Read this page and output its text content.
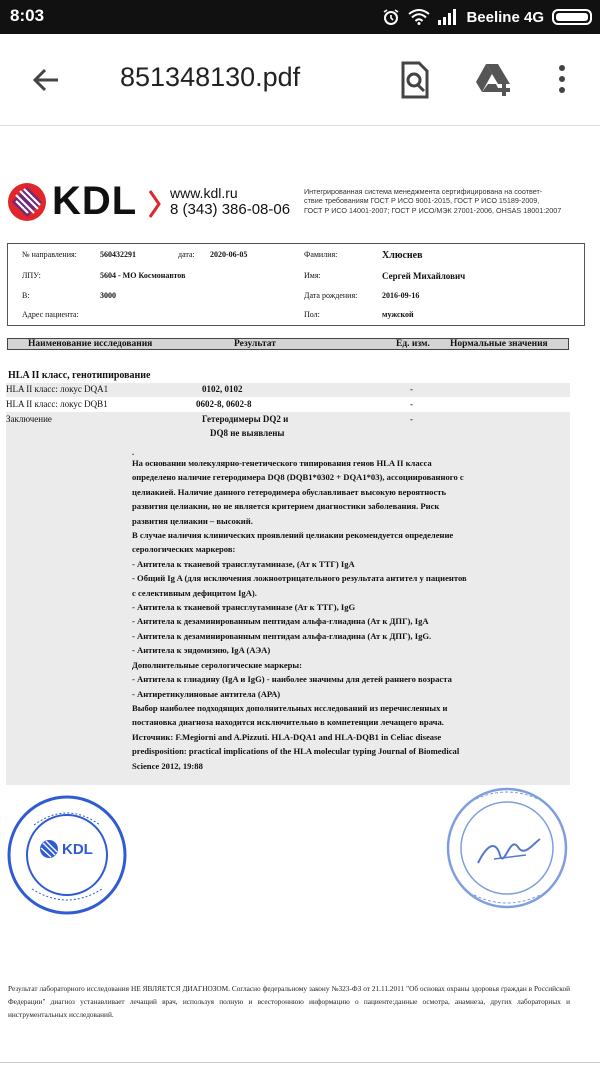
8:03	Beeline 4G
851348130.pdf
KDL www.kdl.ru
8 (343) 386-08-06
Интегрированная система менеджмента сертифицирована на соответ-
ствие требованиям ГОСТ Р ИСО 9001-2015, ГОСТ Р ИСО 15189-2009,
ГОСТ Р ИСО 14001-2007; ГОСТ Р ИСО/МЭК 27001-2006, OHSAS 18001:2007
№ направления:	560432291	дата: 2020-06-05
ЛПУ:	5604 - МО Космонавтов
В:	3000
Адрес пациента:
Фамилия:	Хлюснев
Имя:	Сергей Михайлович
Дата рождения:	2016-09-16
Пол:	мужской
Наименование исследования	Результат	Ед. изм. Нормальные значения
HLA II класс, генотипирование
HLA II класс: локус DQA1	0102, 0102	-
HLA II класс: локус DQB1	0602-8, 0602-8	-
Заключение	Гетеродимеры DQ2 и
DQ8 не выявлены
-
.
На основании молекулярно-генетического типирования генов HLA II класса
определено наличие гетеродимера DQ8 (DQB1*0302 + DQA1*03), ассоциированного с
целиакией. Наличие данного гетеродимера обуславливает высокую вероятность
развития целиакии, но не является критерием диагностики заболевания. Риск
развития целиакии – высокий.
В случае наличия клинических проявлений целиакии рекомендуется определение
серологических маркеров:
- Антитела к тканевой трансглутаминазе, (Ат к ТТГ) IgA
- Общий Ig A (для исключения ложноотрицательного результата антител у пациентов
с селективным дефицитом IgA).
- Антитела к тканевой трансглутаминазе (Ат к ТТГ), IgG
- Антитела к дезаминированным пептидам альфа-глиадина (Ат к ДПГ), IgA
- Антитела к дезаминированным пептидам альфа-глиадина (Ат к ДПГ), IgG.
- Антитела к эндомизию, IgA (АЭА)
Дополнительные серологические маркеры:
- Антитела к глиадину (IgA и IgG) - наиболее значимы для детей раннего возраста
- Антиретикулиновые антитела (АРА)
Выбор наиболее подходящих дополнительных исследований из перечисленных и
постановка диагноза находится исключительно в компетенции лечащего врача.
Источник: F.Megiorni and A.Pizzuti. HLA-DQA1 and HLA-DQB1 in Celiac disease
predisposition: practical implications of the HLA molecular typing Journal of Biomedical
Science 2012, 19:88
KDL
Результат лабораторного исследования НЕ ЯВЛЯЕТСЯ ДИАГНОЗОМ. Согласно федеральному закону №323-ФЗ от 21.11.2011 "Об основах охраны здоровья граждан в Российской Федерации" диагноз устанавливает лечащий врач, используя полную и всестороннюю информацию о пациенте:данные осмотра, анамнеза, других лабораторных и инструментальных исследований.
